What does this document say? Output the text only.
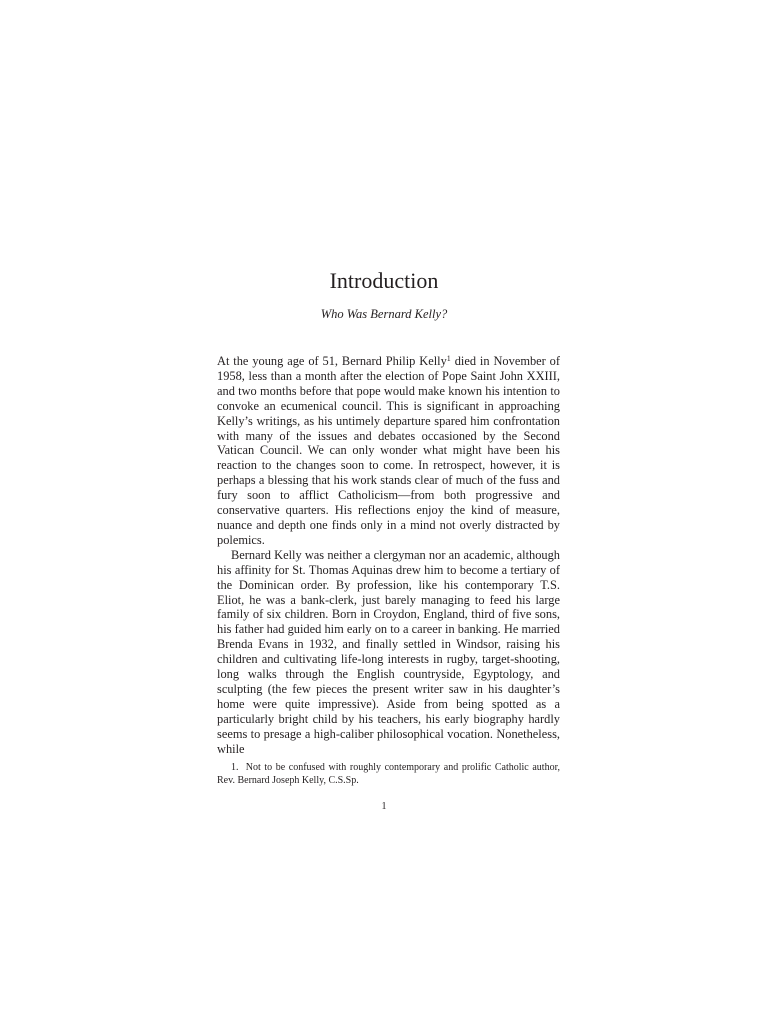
Introduction
Who Was Bernard Kelly?

At the young age of 51, Bernard Philip Kelly$^1$ died in November of 1958, less than a month after the election of Pope Saint John XXIII, and two months before that pope would make known his intention to convoke an ecumenical council. This is significant in approaching Kelly’s writings, as his untimely departure spared him confrontation with many of the issues and debates occasioned by the Second Vatican Council. We can only wonder what might have been his reaction to the changes soon to come. In retrospect, however, it is perhaps a blessing that his work stands clear of much of the fuss and fury soon to afflict Catholicism—from both progressive and conservative quarters. His reflections enjoy the kind of measure, nuance and depth one finds only in a mind not overly distracted by polemics.

Bernard Kelly was neither a clergyman nor an academic, although his affinity for St. Thomas Aquinas drew him to become a tertiary of the Dominican order. By profession, like his contemporary T.S. Eliot, he was a bank-clerk, just barely managing to feed his large family of six children. Born in Croydon, England, third of five sons, his father had guided him early on to a career in banking. He married Brenda Evans in 1932, and finally settled in Windsor, raising his children and cultivating life-long interests in rugby, target-shooting, long walks through the English countryside, Egyptology, and sculpting (the few pieces the present writer saw in his daughter’s home were quite impressive). Aside from being spotted as a particularly bright child by his teachers, his early biography hardly seems to presage a high-caliber philosophical vocation. Nonetheless, while

1. Not to be confused with roughly contemporary and prolific Catholic author, Rev. Bernard Joseph Kelly, C.S.Sp.

1
